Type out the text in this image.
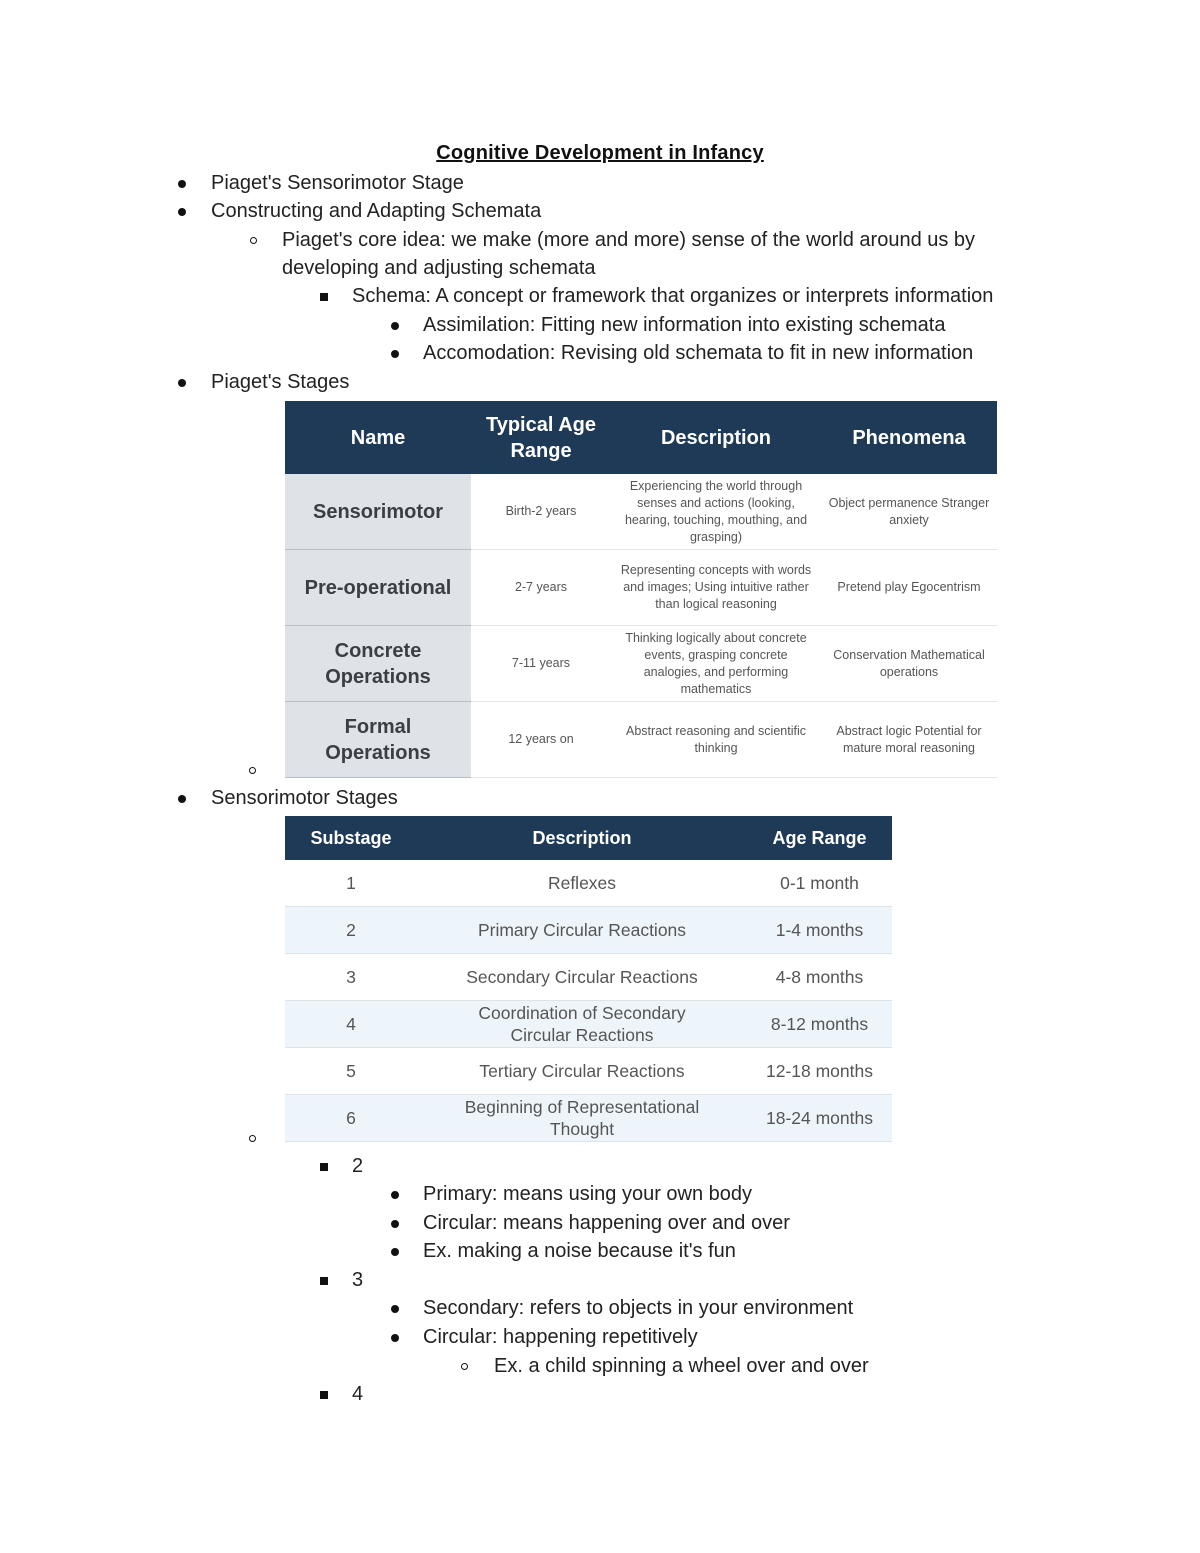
Cognitive Development in Infancy
Piaget's Sensorimotor Stage
Constructing and Adapting Schemata
Piaget's core idea: we make (more and more) sense of the world around us by
developing and adjusting schemata
Schema: A concept or framework that organizes or interprets information
Assimilation: Fitting new information into existing schemata
Accomodation: Revising old schemata to fit in new information
Piaget's Stages
Name	Typical Age Range	Description	Phenomena
Sensorimotor	Birth-2 years	Experiencing the world through senses and actions (looking, hearing, touching, mouthing, and grasping)	Object permanence Stranger anxiety
Pre-operational	2-7 years	Representing concepts with words and images; Using intuitive rather than logical reasoning	Pretend play Egocentrism
Concrete Operations	7-11 years	Thinking logically about concrete events, grasping concrete analogies, and performing mathematics	Conservation Mathematical operations
Formal Operations	12 years on	Abstract reasoning and scientific thinking	Abstract logic Potential for mature moral reasoning
Sensorimotor Stages
Substage	Description	Age Range
1	Reflexes	0-1 month
2	Primary Circular Reactions	1-4 months
3	Secondary Circular Reactions	4-8 months
4	Coordination of Secondary Circular Reactions	8-12 months
5	Tertiary Circular Reactions	12-18 months
6	Beginning of Representational Thought	18-24 months
2
Primary: means using your own body
Circular: means happening over and over
Ex. making a noise because it's fun
3
Secondary: refers to objects in your environment
Circular: happening repetitively
Ex. a child spinning a wheel over and over
4
